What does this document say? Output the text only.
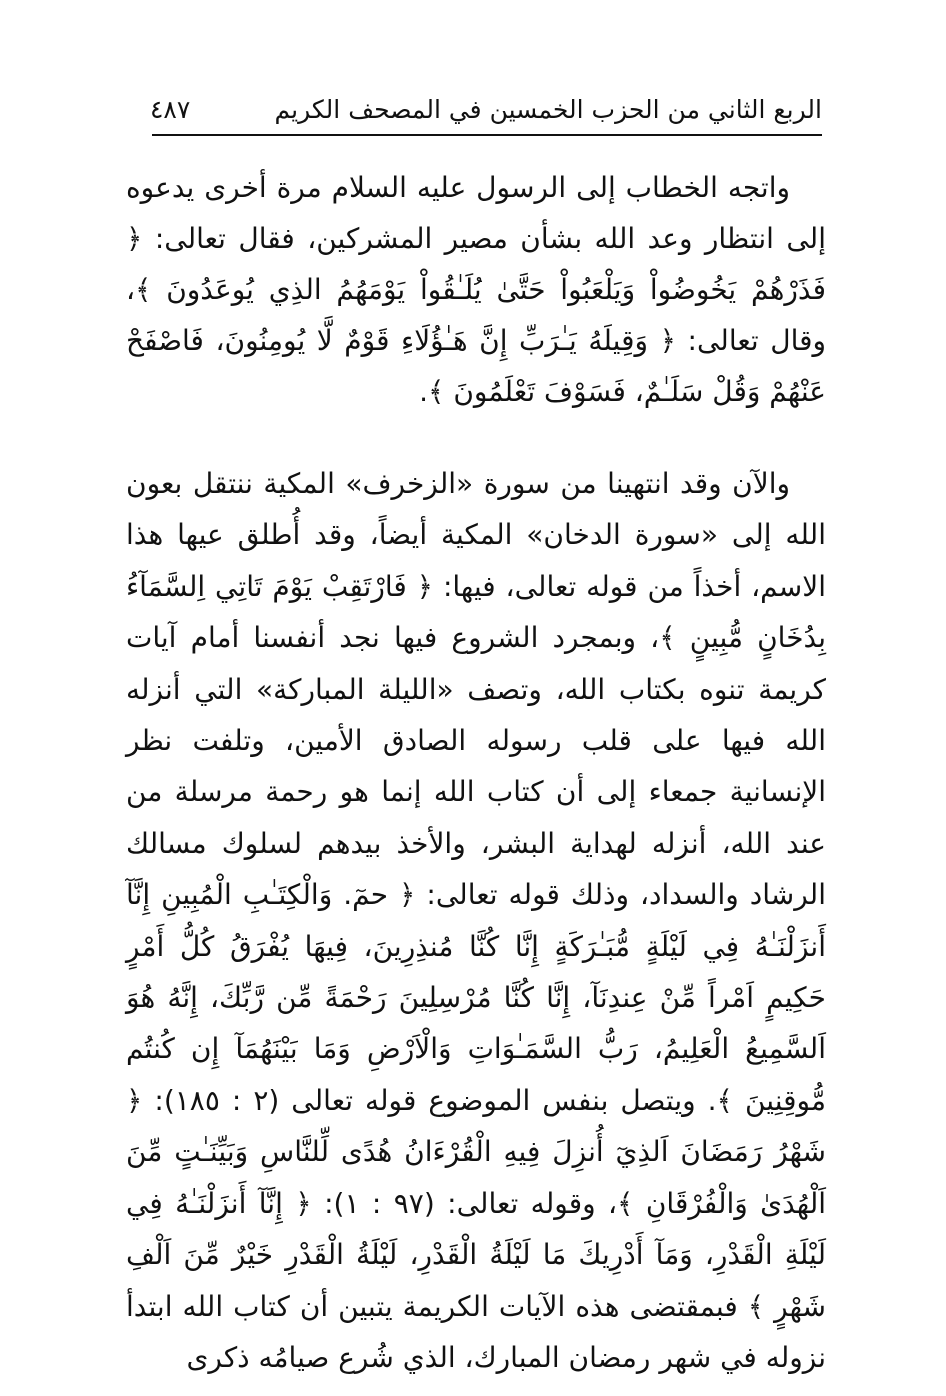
الربع الثاني من الحزب الخمسين في المصحف الكريم
٤٨٧

واتجه الخطاب إلى الرسول عليه السلام مرة أخرى يدعوه إلى انتظار وعد الله بشأن مصير المشركين، فقال تعالى: ﴿ فَذَرْهُمْ يَخُوضُواْ وَيَلْعَبُواْ حَتَّىٰ يُلَـٰقُواْ يَوْمَهُمُ الذِي يُوعَدُونَ ﴾، وقال تعالى: ﴿ وَقِيلَهُ يَـٰرَبِّ إِنَّ هَـٰؤُلَاءِ قَوْمٌ لَّا يُومِنُونَ، فَاصْفَحْ عَنْهُمْ وَقُلْ سَلَـٰمٌ، فَسَوْفَ تَعْلَمُونَ ﴾.

والآن وقد انتهينا من سورة «الزخرف» المكية ننتقل بعون الله إلى «سورة الدخان» المكية أيضاً، وقد أُطلق عيها هذا الاسم، أخذاً من قوله تعالى، فيها: ﴿ فَارْتَقِبْ يَوْمَ تَاتِي اِلسَّمَآءُ بِدُخَانٍ مُّبِينٍ ﴾، وبمجرد الشروع فيها نجد أنفسنا أمام آيات كريمة تنوه بكتاب الله، وتصف «الليلة المباركة» التي أنزله الله فيها على قلب رسوله الصادق الأمين، وتلفت نظر الإنسانية جمعاء إلى أن كتاب الله إنما هو رحمة مرسلة من عند الله، أنزله لهداية البشر، والأخذ بيدهم لسلوك مسالك الرشاد والسداد، وذلك قوله تعالى: ﴿ حمٓ. وَالْكِتَـٰبِ الْمُبِينِ إِنَّآ أَنزَلْنَـٰهُ فِي لَيْلَةٍ مُّبَـٰرَكَةٍ إِنَّا كُنَّا مُنذِرِينَ، فِيهَا يُفْرَقُ كُلُّ أَمْرٍ حَكِيمٍ اَمْراً مِّنْ عِندِنَآ، إِنَّا كُنَّا مُرْسِلِينَ رَحْمَةً مِّن رَّبِّكَ، إِنَّهُ هُوَ اَلسَّمِيعُ الْعَلِيمُ، رَبُّ السَّمَـٰوَاتِ وَالْاَرْضِ وَمَا بَيْنَهُمَآ إِن كُنتُم مُّوقِنِينَ ﴾. ويتصل بنفس الموضوع قوله تعالى (٢ : ١٨٥): ﴿ شَهْرُ رَمَضَانَ اَلذِيٓ أُنزِلَ فِيهِ الْقُرْءَانُ هُدًى لِّلنَّاسِ وَبَيِّنَـٰتٍ مِّنَ اَلْهُدَىٰ وَالْفُرْقَانِ ﴾، وقوله تعالى: (٩٧ : ١): ﴿ إِنَّآ أَنزَلْنَـٰهُ فِي لَيْلَةِ الْقَدْرِ، وَمَآ أَدْرِيكَ مَا لَيْلَةُ الْقَدْرِ، لَيْلَةُ الْقَدْرِ خَيْرٌ مِّنَ اَلْفِ شَهْرٍ ﴾ فبمقتضى هذه الآيات الكريمة يتبين أن كتاب الله ابتدأ نزوله في شهر رمضان المبارك، الذي شُرع صيامُه ذكرى
